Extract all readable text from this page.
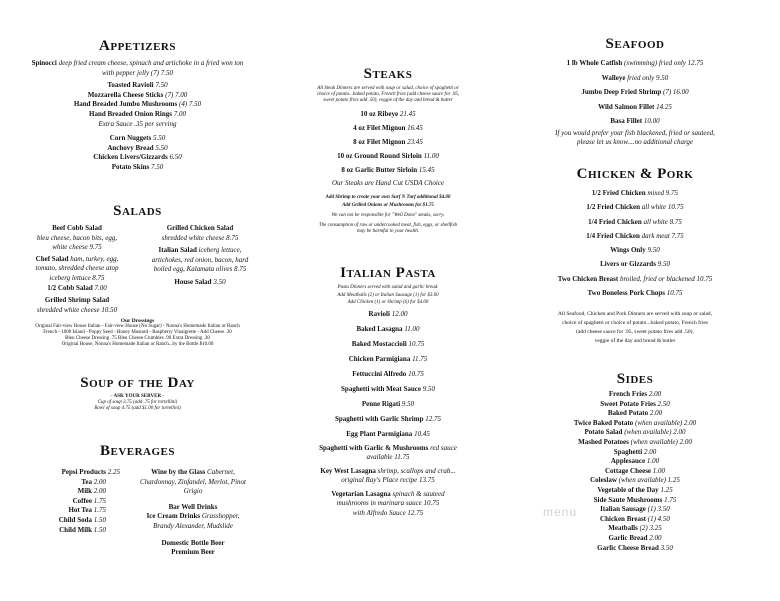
Appetizers
Spinocci deep fried cream cheese, spinach and artichoke in a fried won ton
with pepper jelly (7) 7.50
Toasted Ravioli 7.50
Mozzarella Cheese Sticks (7) 7.00
Hand Breaded Jumbo Mushrooms (4) 7.50
Hand Breaded Onion Rings 7.00
Extra Sauce .35 per serving
Corn Nuggets 5.50
Anchovy Bread 5.50
Chicken Livers/Gizzards 6.50
Potato Skins 7.50
Salads
Beef Cobb Salad
bleu cheese, bacon bits, egg,
white cheese 9.75
Chef Salad ham, turkey, egg,
tomato, shredded cheese atop
iceberg lettuce 8.75
1/2 Cobb Salad 7.00
Grilled Shrimp Salad
shredded white cheese 10.50
Grilled Chicken Salad
shredded white cheese 8.75
Italian Salad iceberg lettuce,
artichokes, red onion, bacon, hard
boiled egg, Kalamata olives 8.75
House Salad 3.50
Our Dressings
Original Fair-view House Italian - Fair-view House (No Sugar) - Nonna's Homemade Italian or Ranch
French - 1000 Island - Poppy Seed - Honey Mustard - Raspberry Vinaigrette - Add Cheese .30
Bleu Cheese Dressing .75 Bleu Cheese Crumbles .90 Extra Dressing .30
Original House, Nonna's Homemade Italian or Ranch...by the Bottle $10.00
Soup of the Day
- ASK YOUR SERVER -
Cup of soup 3.75 (add .75 for tortellini)
Bowl of soup 4.75 (add $1.00 for tortellini)
Beverages
Pepsi Products 2.25
Tea 2.00
Milk 2.00
Coffee 1.75
Hot Tea 1.75
Child Soda 1.50
Child Milk 1.50
Wine by the Glass Cabernet,
Chardonnay, Zinfandel, Merlot, Pinot
Grigio
Bar Well Drinks
Ice Cream Drinks Grasshopper,
Brandy Alexander, Mudslide
Domestic Bottle Beer
Premium Beer
Steaks
All Steak Dinners are served with soup or salad, choice of spaghetti or
choice of potato...baked potato, French fries (add cheese sauce for .95,
sweet potato fries add .50), veggie of the day and bread & butter
10 oz Ribeye 21.45
4 oz Filet Mignon 16.45
8 oz Filet Mignon 23.45
10 oz Ground Round Sirloin 11.00
8 oz Garlic Butter Sirloin 15.45
Our Steaks are Hand Cut USDA Choice
Add Shrimp to create your own Surf N Turf additional $4.00
Add Grilled Onions or Mushrooms for $1.75
We can not be responsible for "Well Done" steaks, sorry.
The consumption of raw or undercooked meat, fish, eggs, or shellfish
may be harmful to your health.
Italian Pasta
Pasta Dinners served with salad and garlic bread.
Add Meatballs (2) or Italian Sausage (1) for $3.00
Add Chicken (1) or Shrimp (6) for $4.00
Ravioli 12.00
Baked Lasagna 11.00
Baked Mostaccioli 10.75
Chicken Parmigiana 11.75
Fettuccini Alfredo 10.75
Spaghetti with Meat Sauce 9.50
Penne Rigati 9.50
Spaghetti with Garlic Shrimp 12.75
Egg Plant Parmigiana 10.45
Spaghetti with Garlic & Mushrooms red sauce
available 11.75
Key West Lasagna shrimp, scallops and crab...
original Ray's Place recipe 13.75
Vegetarian Lasagna spinach & sauteed
mushrooms in marinara sauce 10.75
with Alfredo Sauce 12.75
Seafood
1 lb Whole Catfish (swimming) fried only 12.75
Walleye fried only 9.50
Jumbo Deep Fried Shrimp (7) 16.00
Wild Salmon Fillet 14.25
Basa Fillet 10.00
If you would prefer your fish blackened, fried or sauteed,
please let us know....no additional charge
Chicken & Pork
1/2 Fried Chicken mixed 9.75
1/2 Fried Chicken all white 10.75
1/4 Fried Chicken all white 8.75
1/4 Fried Chicken dark meat 7.75
Wings Only 9.50
Livers or Gizzards 9.50
Two Chicken Breast broiled, fried or blackened 10.75
Two Boneless Pork Chops 10.75
All Seafood, Chicken and Pork Dinners are served with soup or salad,
choice of spaghetti or choice of potato...baked potato, French fries
(add cheese sauce for .95, sweet potato fries add .50),
veggie of the day and bread & butter
Sides
French Fries 2.00
Sweet Potato Fries 2.50
Baked Potato 2.00
Twice Baked Potato (when available) 2.00
Potato Salad (when available) 2.00
Mashed Potatoes (when available) 2.00
Spaghetti 2.00
Applesauce 1.00
Cottage Cheese 1.00
Coleslaw (when available) 1.25
Vegetable of the Day 1.25
Side Saute Mushrooms 1.75
Italian Sausage (1) 3.50
Chicken Breast (1) 4.50
Meatballs (2) 3.25
Garlic Bread 2.00
Garlic Cheese Bread 3.50
menu
